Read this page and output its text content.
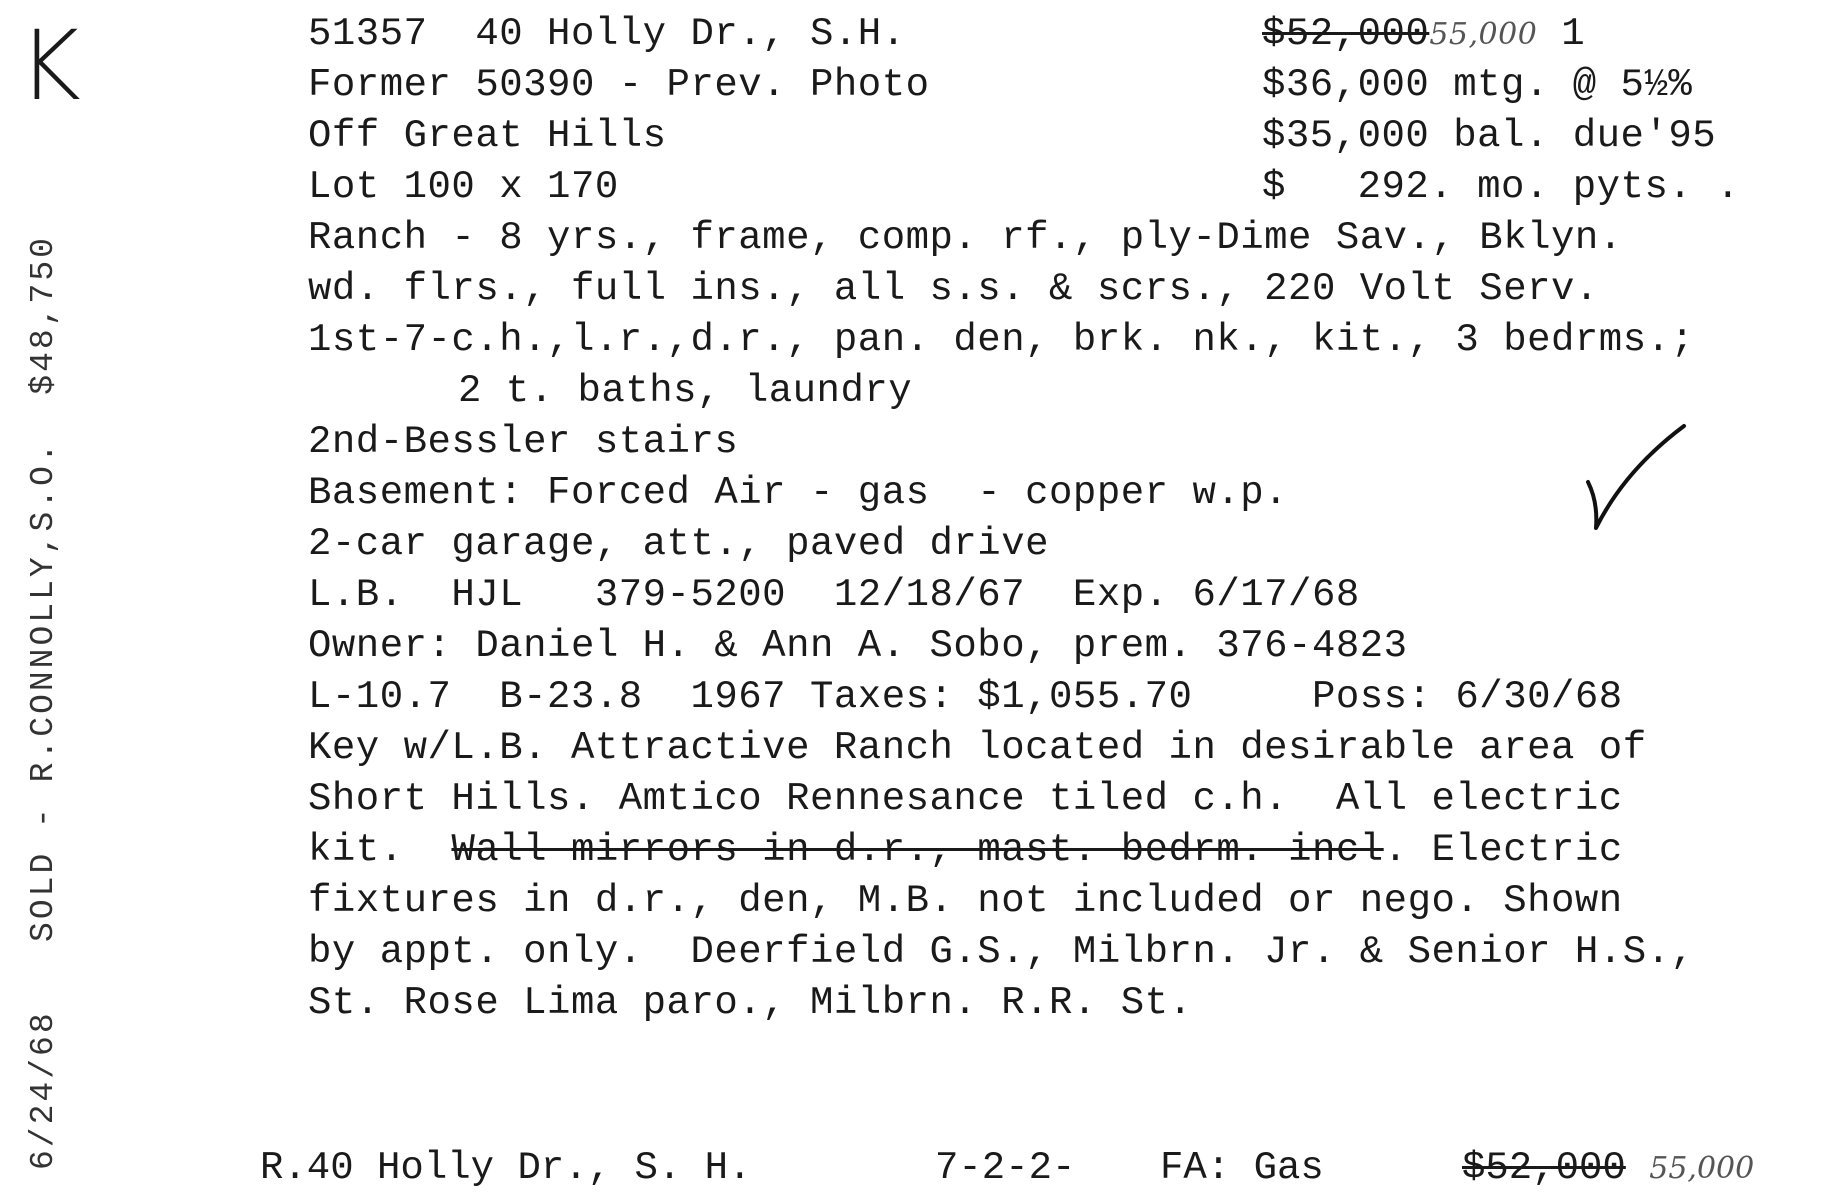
K
6/24/68   SOLD - R.CONNOLLY,S.O.  $48,750
51357  40 Holly Dr., S.H.
Former 50390 - Prev. Photo
Off Great Hills
Lot 100 x 170
Ranch - 8 yrs., frame, comp. rf., ply-Dime Sav., Bklyn.
wd. flrs., full ins., all s.s. & scrs., 220 Volt Serv.
1st-7-c.h.,l.r.,d.r., pan. den, brk. nk., kit., 3 bedrms.;
2 t. baths, laundry
2nd-Bessler stairs
Basement: Forced Air - gas  - copper w.p.
2-car garage, att., paved drive
L.B.  HJL   379-5200  12/18/67  Exp. 6/17/68
Owner: Daniel H. & Ann A. Sobo, prem. 376-4823
L-10.7  B-23.8  1967 Taxes: $1,055.70     Poss: 6/30/68
Key w/L.B. Attractive Ranch located in desirable area of
Short Hills. Amtico Rennesance tiled c.h.  All electric
kit.  Wall mirrors in d.r., mast. bedrm. incl. Electric
fixtures in d.r., den, M.B. not included or nego. Shown
by appt. only.  Deerfield G.S., Milbrn. Jr. & Senior H.S.,
St. Rose Lima paro., Milbrn. R.R. St.
$52,00055,000 1
$36,000 mtg. @ 5½%
$35,000 bal. due'95
$   292. mo. pyts. .
R.40 Holly Dr., S. H.	7-2-2- FA: Gas	$52,000 55,000
